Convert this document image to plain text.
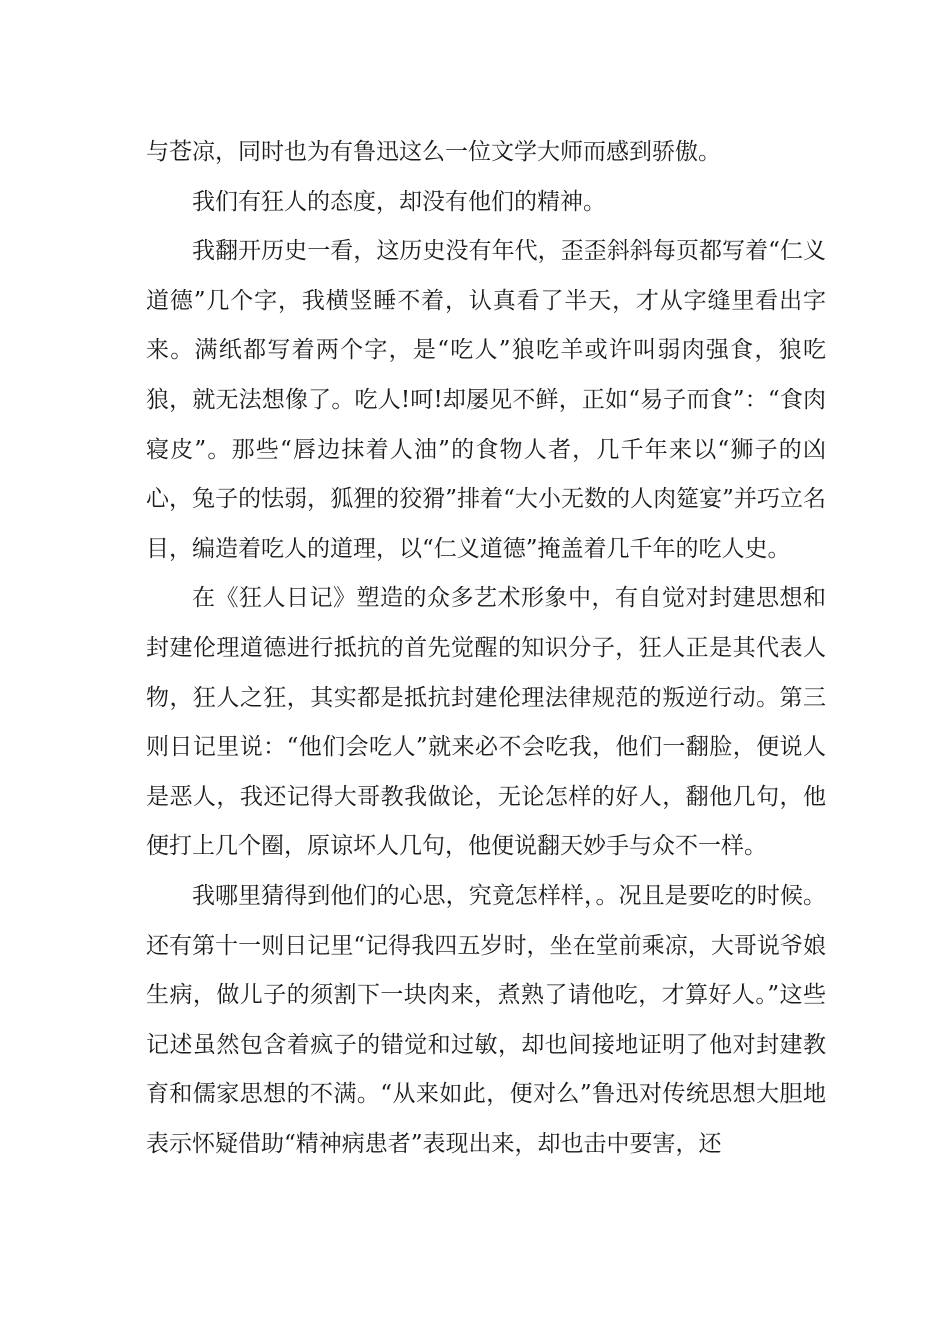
与苍凉，同时也为有鲁迅这么一位文学大师而感到骄傲。

我们有狂人的态度，却没有他们的精神。

我翻开历史一看，这历史没有年代，歪歪斜斜每页都写着“仁义道德”几个字，我横竖睡不着，认真看了半天，才从字缝里看出字来。满纸都写着两个字，是“吃人”狼吃羊或许叫弱肉强食，狼吃狼，就无法想像了。吃人!呵!却屡见不鲜，正如“易子而食”：“食肉寝皮”。那些“唇边抹着人油”的食物人者，几千年来以“狮子的凶心，兔子的怯弱，狐狸的狡猾”排着“大小无数的人肉筵宴”并巧立名目，编造着吃人的道理，以“仁义道德”掩盖着几千年的吃人史。

在《狂人日记》塑造的众多艺术形象中，有自觉对封建思想和封建伦理道德进行抵抗的首先觉醒的知识分子，狂人正是其代表人物，狂人之狂，其实都是抵抗封建伦理法律规范的叛逆行动。第三则日记里说：“他们会吃人”就来必不会吃我，他们一翻脸，便说人是恶人，我还记得大哥教我做论，无论怎样的好人，翻他几句，他便打上几个圈，原谅坏人几句，他便说翻天妙手与众不一样。

我哪里猜得到他们的心思，究竟怎样样，。况且是要吃的时候。还有第十一则日记里“记得我四五岁时，坐在堂前乘凉，大哥说爷娘生病，做儿子的须割下一块肉来，煮熟了请他吃，才算好人。”这些记述虽然包含着疯子的错觉和过敏，却也间接地证明了他对封建教育和儒家思想的不满。“从来如此，便对么”鲁迅对传统思想大胆地表示怀疑借助“精神病患者”表现出来，却也击中要害，还
